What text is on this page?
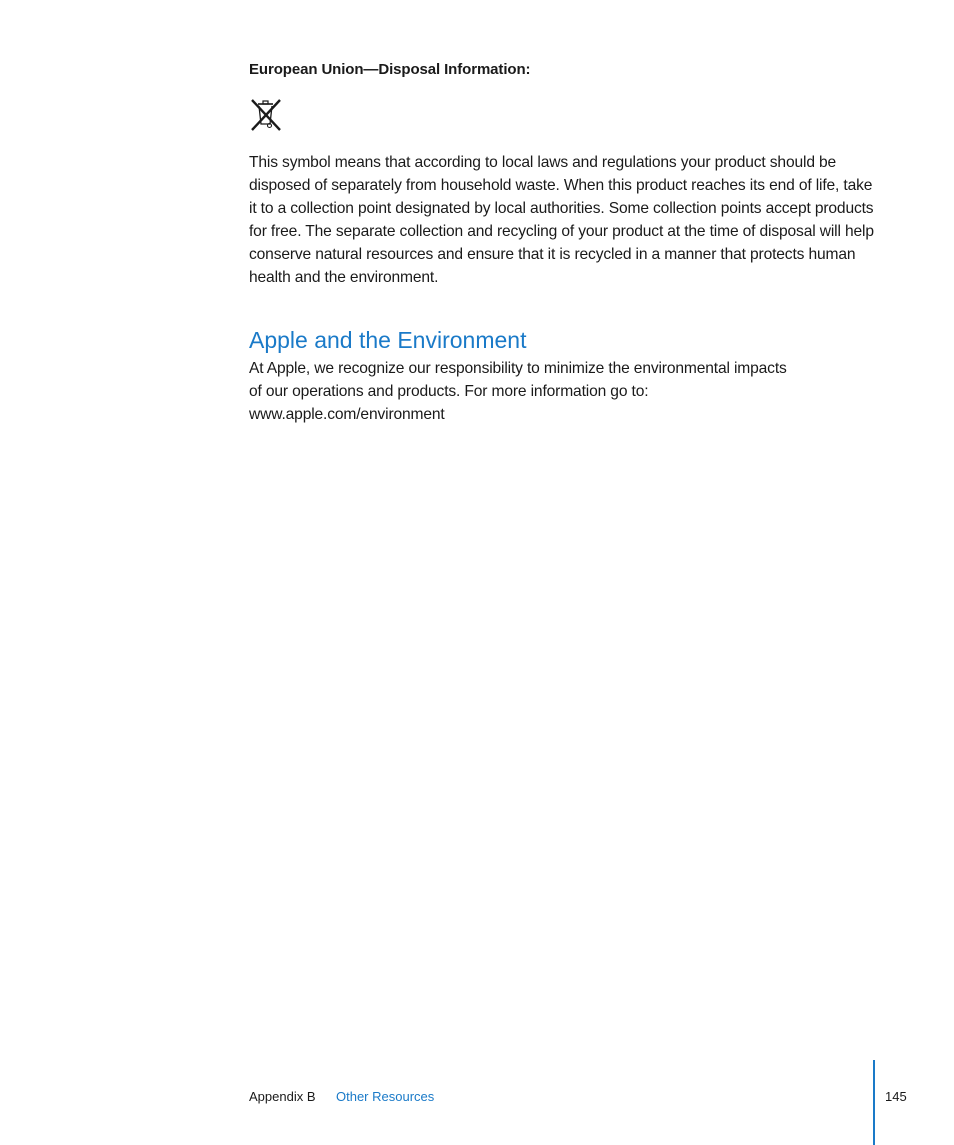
European Union—Disposal Information:

This symbol means that according to local laws and regulations your product should be disposed of separately from household waste. When this product reaches its end of life, take it to a collection point designated by local authorities. Some collection points accept products for free. The separate collection and recycling of your product at the time of disposal will help conserve natural resources and ensure that it is recycled in a manner that protects human health and the environment.

Apple and the Environment

At Apple, we recognize our responsibility to minimize the environmental impacts
of our operations and products. For more information go to:
www.apple.com/environment

Appendix B Other Resources	145
